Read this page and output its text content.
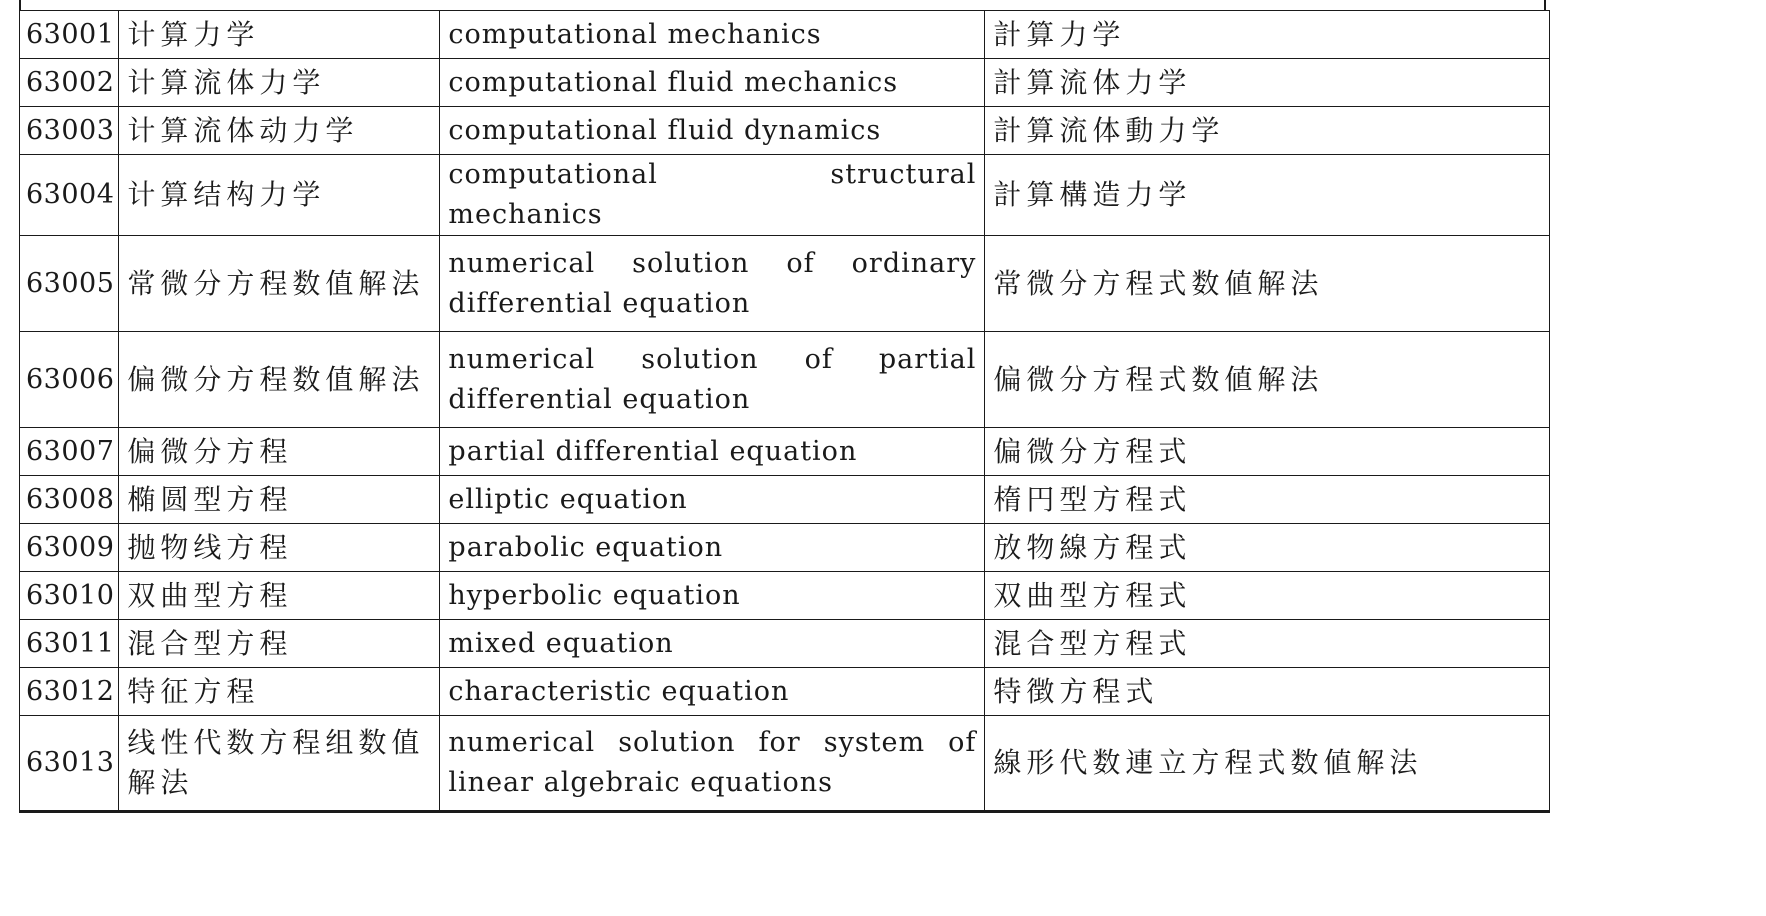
63001	计算力学	computational mechanics	計算力学
63002	计算流体力学	computational fluid mechanics	計算流体力学
63003	计算流体动力学	computational fluid dynamics	計算流体動力学
63004	计算结构力学	computational structural mechanics	計算構造力学
63005	常微分方程数值解法	numerical solution of ordinary differential equation	常微分方程式数値解法
63006	偏微分方程数值解法	numerical solution of partial differential equation	偏微分方程式数値解法
63007	偏微分方程	partial differential equation	偏微分方程式
63008	椭圆型方程	elliptic equation	楕円型方程式
63009	抛物线方程	parabolic equation	放物線方程式
63010	双曲型方程	hyperbolic equation	双曲型方程式
63011	混合型方程	mixed equation	混合型方程式
63012	特征方程	characteristic equation	特徴方程式
63013	线性代数方程组数值解法	numerical solution for system of linear algebraic equations	線形代数連立方程式数値解法
